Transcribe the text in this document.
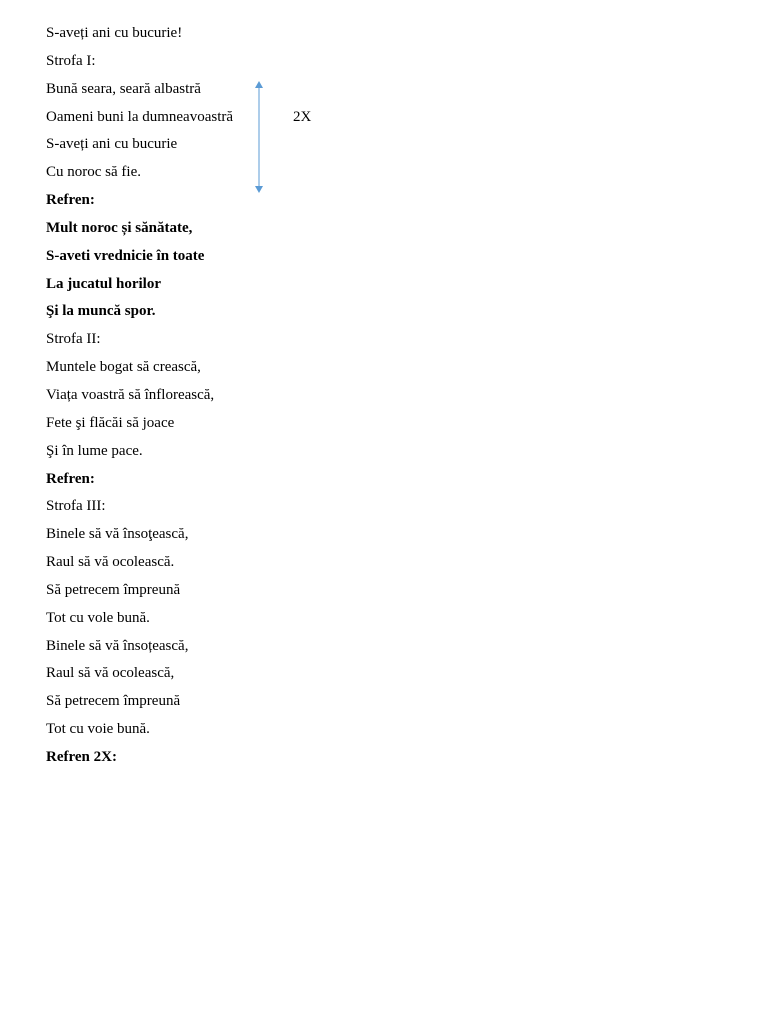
S-aveți ani cu bucurie!
Strofa I:
Bună seara, seară albastră
Oameni buni la dumneavoastră
S-aveți ani cu bucurie
Cu noroc să fie.
Refren:
Mult noroc și sănătate,
S-aveti vrednicie în toate
La jucatul horilor
Şi la muncă spor.
Strofa II:
Muntele bogat să crească,
Viața voastră să înflorească,
Fete şi flăcăi să joace
Şi în lume pace.
Refren:
Strofa III:
Binele să vă însoţească,
Raul să vă ocolească.
Să petrecem împreună
Tot cu vole bună.
Binele să vă însoțească,
Raul să vă ocolească,
Să petrecem împreună
Tot cu voie bună.
Refren 2X:
2X
